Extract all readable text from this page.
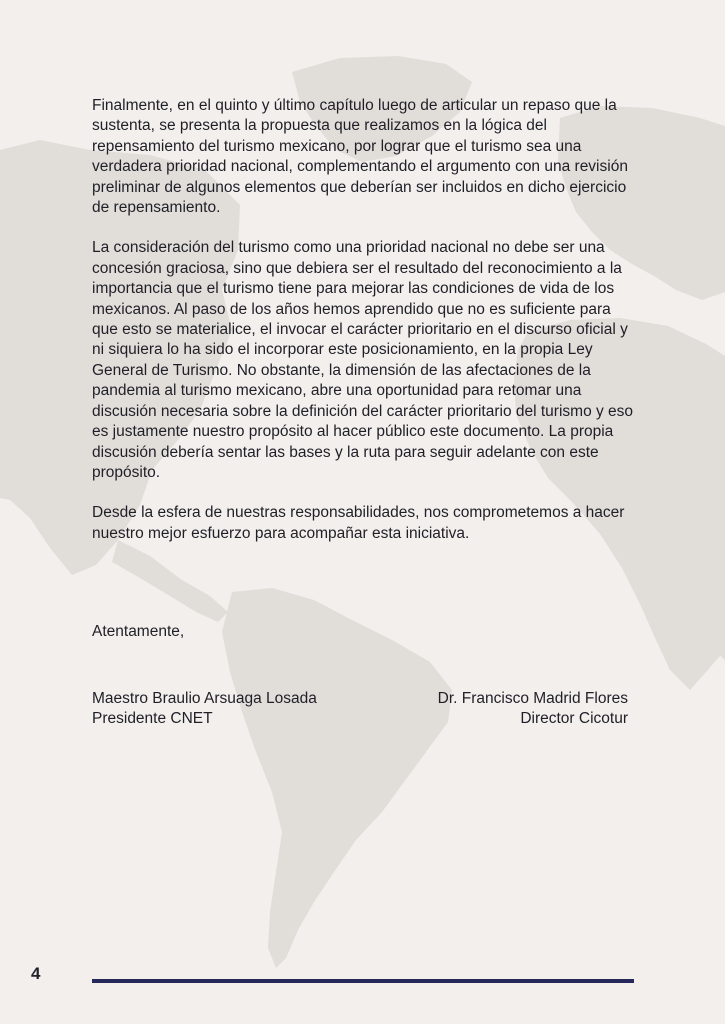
Finalmente, en el quinto y último capítulo luego de articular un repaso que la sustenta, se presenta la propuesta que realizamos en la lógica del repensamiento del turismo mexicano, por lograr que el turismo sea una verdadera prioridad nacional, complementando el argumento con una revisión preliminar de algunos elementos que deberían ser incluidos en dicho ejercicio de repensamiento.

La consideración del turismo como una prioridad nacional no debe ser una concesión graciosa, sino que debiera ser el resultado del reconocimiento a la importancia que el turismo tiene para mejorar las condiciones de vida de los mexicanos. Al paso de los años hemos aprendido que no es suficiente para que esto se materialice, el invocar el carácter prioritario en el discurso oficial y ni siquiera lo ha sido el incorporar este posicionamiento, en la propia Ley General de Turismo. No obstante, la dimensión de las afectaciones de la pandemia al turismo mexicano, abre una oportunidad para retomar una discusión necesaria sobre la definición del carácter prioritario del turismo y eso es justamente nuestro propósito al hacer público este documento. La propia discusión debería sentar las bases y la ruta para seguir adelante con este propósito.

Desde la esfera de nuestras responsabilidades, nos comprometemos a hacer nuestro mejor esfuerzo para acompañar esta iniciativa.

Atentamente,

Maestro Braulio Arsuaga Losada
Presidente CNET
Dr. Francisco Madrid Flores
Director Cicotur
4
